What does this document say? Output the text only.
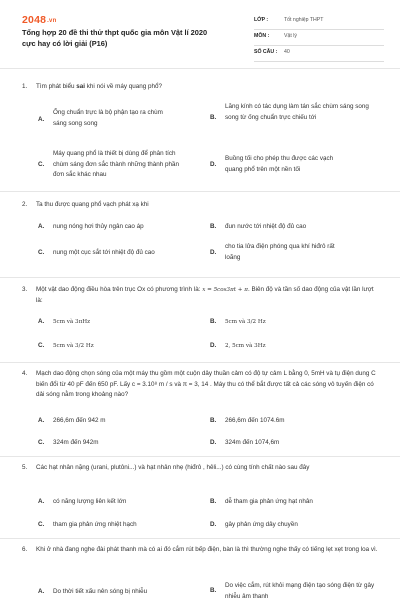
2048.vn
Tổng hợp 20 đề thi thử thpt quốc gia môn Vật lí 2020 cực hay có lời giải (P16)
LỚP :	Tốt nghiệp THPT
MÔN :	Vật lý
SỐ CÂU : 40
1.	Tìm phát biểu sai khi nói về máy quang phổ?
A.
Ống chuẩn trực là bộ phận tạo ra chùm sáng song song
B.
Lăng kính có tác dụng làm tán sắc chùm sáng song song từ ống chuẩn trực chiếu tới
C.
Máy quang phổ là thiết bị dùng để phân tích chùm sáng đơn sắc thành những thành phần đơn sắc khác nhau
D.
Buồng tối cho phép thu được các vạch quang phổ trên một nền tối
2.	Ta thu được quang phổ vạch phát xạ khi
A. nung nóng hơi thủy ngân cao áp	B. đun nước tới nhiệt độ đủ cao
C. nung một cục sắt tới nhiệt độ đủ cao	D.
cho tia lửa điện phóng qua khí hiđrô rất loãng
3.	Một vật dao động điều hòa trên trục Ox có phương trình là: x = 5cos3πt + π. Biên độ và tần số dao động của vật lần lượt là:
A. 5cm và 3πHz	B. 5cm và 3/2 Hz
C. 5cm và 3/2 Hz	D. 2, 5cm và 3Hz
4.	Mạch dao động chọn sóng của một máy thu gồm một cuộn dây thuần cảm có độ tự cảm L bằng 0, 5mH và tụ điện dung C biến đổi từ 40 pF đến 650 pF. Lấy c = 3.10⁸ m / s và π = 3, 14 . Máy thu có thể bắt được tất cả các sóng vô tuyến điện có dải sóng nằm trong khoảng nào?
A. 266,6m đến 942 m	B. 266,6m đến 1074.6m
C. 324m đến 942m	D. 324m đến 1074,6m
5.	Các hạt nhân nặng (urani, plutôni...) và hạt nhân nhẹ (hiđrô , hêli...) có cùng tính chất nào sau đây
A. có năng lượng liên kết lớn	B. dễ tham gia phản ứng hạt nhân
C. tham gia phản ứng nhiệt hạch	D. gây phản ứng dây chuyền
6.	Khi ở nhà đang nghe đài phát thanh mà có ai đó cắm rút bếp điện, bàn là thì thường nghe thấy có tiếng lẹt xẹt trong loa vì.
A. Do thời tiết xấu nên sóng bị nhiễu	B.
Do việc cắm, rút khỏi mạng điện tạo sóng điện từ gây nhiễu âm thanh
